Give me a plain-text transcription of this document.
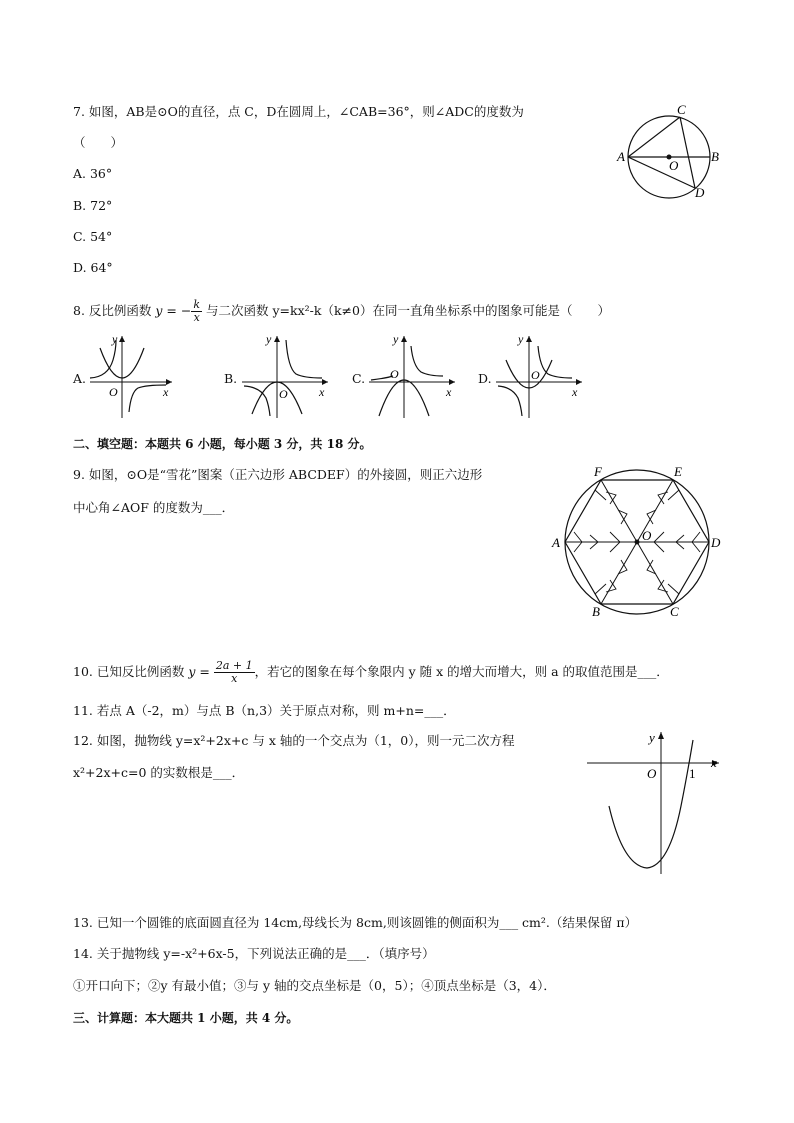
7. 如图，AB是⊙O的直径，点 C，D在圆周上，∠CAB=36°，则∠ADC的度数为
（　　）
A. 36°
B. 72°
C. 54°
D. 64°
A	B
C
D
O
8. 反比例函数 y = − $\frac{k}{x}$ 与二次函数 y=kx²-k（k≠0）在同一直角坐标系中的图象可能是（　　）
A.
y
x
O
B.
y
x
O
C.
y
x
O	D.
y
x
O
二、填空题：本题共 6 小题，每小题 3 分，共 18 分。
9. 如图，⊙O是“雪花”图案（正六边形 ABCDEF）的外接圆，则正六边形
中心角∠AOF 的度数为___．
A
B	C
D
E
F
O
10. 已知反比例函数 $y = \frac{2a + 1}{x}$ ，若它的图象在每个象限内 y 随 x 的增大而增大，则 a 的取值范围是___．
11. 若点 A（-2，m）与点 B（n,3）关于原点对称，则 m+n=___．
12. 如图，抛物线 y=x²+2x+c 与 x 轴的一个交点为（1，0），则一元二次方程
x²+2x+c=0 的实数根是___．
y
x
O	1
13. 已知一个圆锥的底面圆直径为 14cm,母线长为 8cm,则该圆锥的侧面积为___ cm².（结果保留 π）
14. 关于抛物线 y=-x²+6x-5，下列说法正确的是___．（填序号）
①开口向下；②y 有最小值；③与 y 轴的交点坐标是（0，5）；④顶点坐标是（3，4）．
三、计算题：本大题共 1 小题，共 4 分。
